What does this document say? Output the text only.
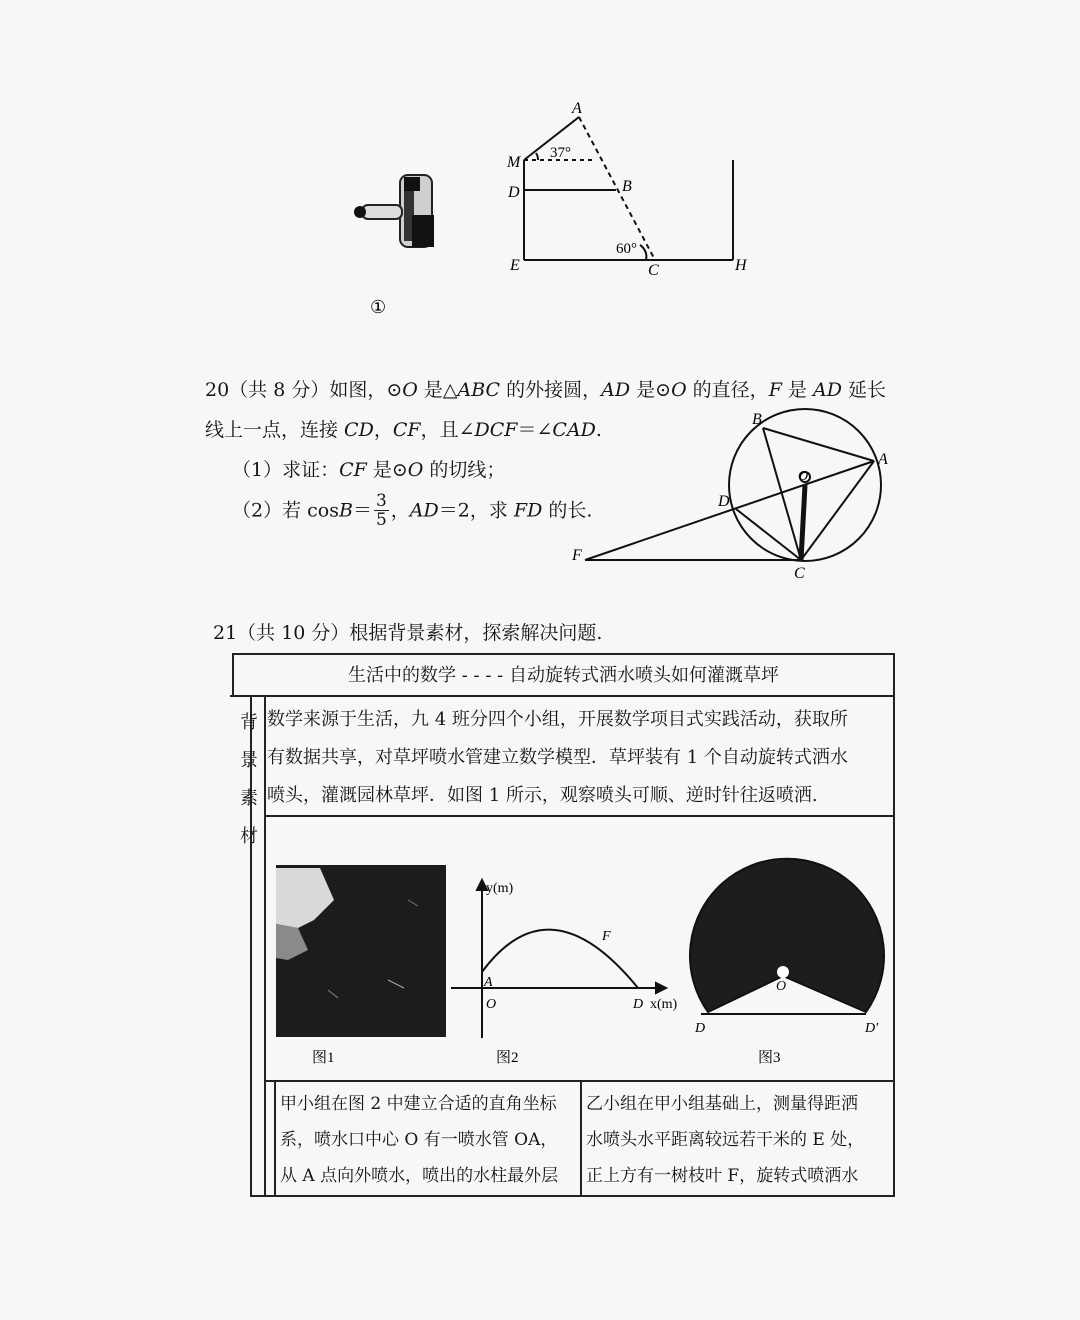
A
M
D	B
E	C	H
37°
60°
①
20（共 8 分）如图，⊙O 是△ABC 的外接圆，AD 是⊙O 的直径，F 是 AD 延长
线上一点，连接 CD，CF，且∠DCF＝∠CAD.
（1）求证：CF 是⊙O 的切线；
（2）若 $\cos B= \frac{3}{5}$ ，AD＝2，求 FD 的长.
B
A
D
O
F
C
21（共 10 分）根据背景素材，探索解决问题.
生活中的数学 - - - - 自动旋转式洒水喷头如何灌溉草坪
背
景
素
材
数学来源于生活，九 4 班分四个小组，开展数学项目式实践活动，获取所
有数据共享，对草坪喷水管建立数学模型．草坪装有 1 个自动旋转式洒水
喷头，灌溉园林草坪．如图 1 所示，观察喷头可顺、逆时针往返喷洒.
y(m)
x(m)
A
O	D
F
O
D	D′
图1	图2	图3
甲小组在图 2 中建立合适的直角坐标
系，喷水口中心 O 有一喷水管 OA，
从 A 点向外喷水，喷出的水柱最外层
乙小组在甲小组基础上，测量得距洒
水喷头水平距离较远若干米的 E 处，
正上方有一树枝叶 F，旋转式喷洒水
